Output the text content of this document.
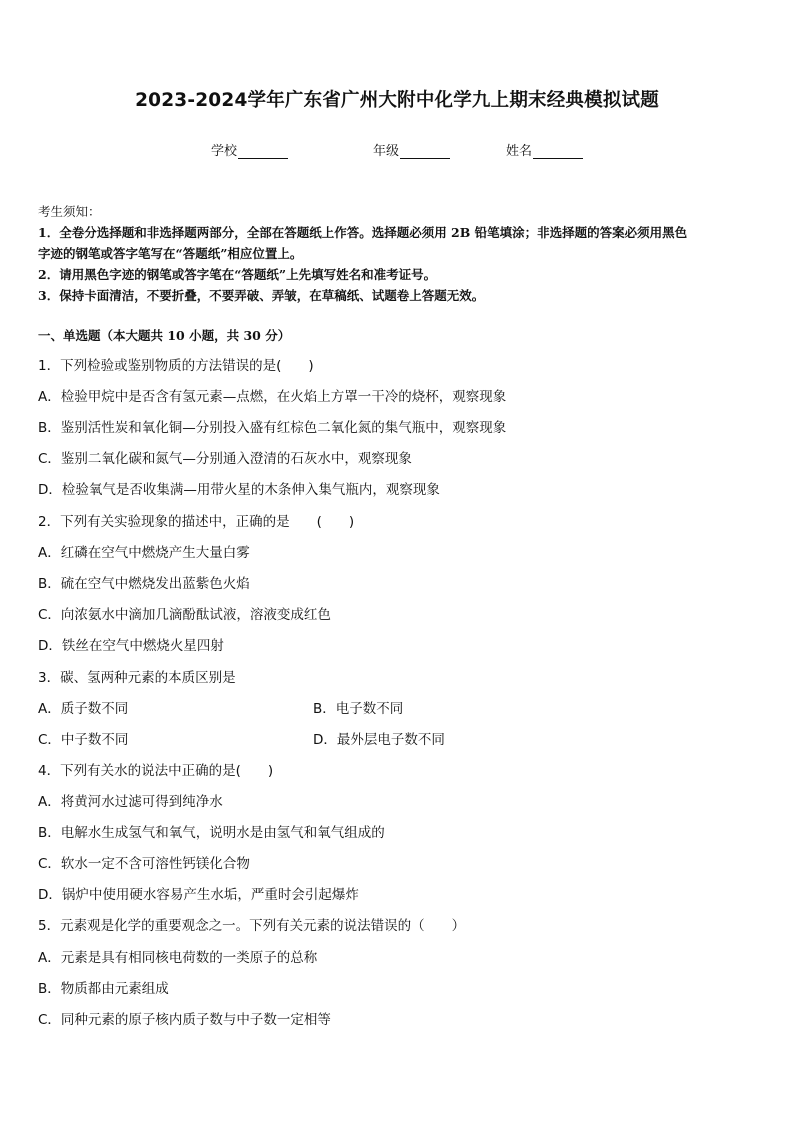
2023-2024学年广东省广州大附中化学九上期末经典模拟试题
学校	年级	姓名
考生须知：
1．全卷分选择题和非选择题两部分，全部在答题纸上作答。选择题必须用 2B 铅笔填涂；非选择题的答案必须用黑色
字迹的钢笔或答字笔写在“答题纸”相应位置上。
2．请用黑色字迹的钢笔或答字笔在“答题纸”上先填写姓名和准考证号。
3．保持卡面清洁，不要折叠，不要弄破、弄皱，在草稿纸、试题卷上答题无效。
一、单选题（本大题共 10 小题，共 30 分）
1．下列检验或鉴别物质的方法错误的是(　　)
A．检验甲烷中是否含有氢元素—点燃，在火焰上方罩一干冷的烧杯，观察现象
B．鉴别活性炭和氧化铜—分别投入盛有红棕色二氧化氮的集气瓶中，观察现象
C．鉴别二氧化碳和氮气—分别通入澄清的石灰水中，观察现象
D．检验氧气是否收集满—用带火星的木条伸入集气瓶内，观察现象
2．下列有关实验现象的描述中，正确的是　　(　　)
A．红磷在空气中燃烧产生大量白雾
B．硫在空气中燃烧发出蓝紫色火焰
C．向浓氨水中滴加几滴酚酞试液，溶液变成红色
D．铁丝在空气中燃烧火星四射
3．碳、氢两种元素的本质区别是
A．质子数不同	B．电子数不同
C．中子数不同	D．最外层电子数不同
4．下列有关水的说法中正确的是(　　)
A．将黄河水过滤可得到纯净水
B．电解水生成氢气和氧气，说明水是由氢气和氧气组成的
C．软水一定不含可溶性钙镁化合物
D．锅炉中使用硬水容易产生水垢，严重时会引起爆炸
5．元素观是化学的重要观念之一。下列有关元素的说法错误的（　　）
A．元素是具有相同核电荷数的一类原子的总称
B．物质都由元素组成
C．同种元素的原子核内质子数与中子数一定相等
